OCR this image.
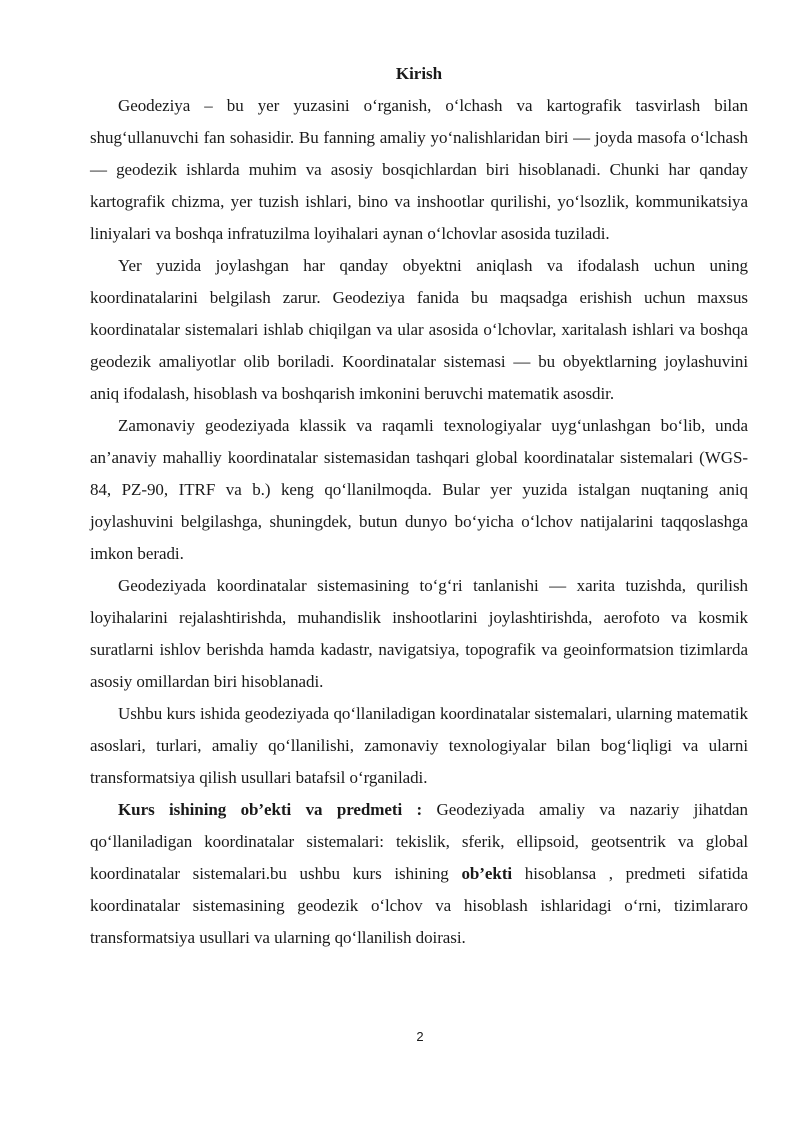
Kirish

Geodeziya – bu yer yuzasini o‘rganish, o‘lchash va kartografik tasvirlash bilan shug‘ullanuvchi fan sohasidir. Bu fanning amaliy yo‘nalishlaridan biri — joyda masofa o‘lchash — geodezik ishlarda muhim va asosiy bosqichlardan biri hisoblanadi. Chunki har qanday kartografik chizma, yer tuzish ishlari, bino va inshootlar qurilishi, yo‘lsozlik, kommunikatsiya liniyalari va boshqa infratuzilma loyihalari aynan o‘lchovlar asosida tuziladi.

Yer yuzida joylashgan har qanday obyektni aniqlash va ifodalash uchun uning koordinatalarini belgilash zarur. Geodeziya fanida bu maqsadga erishish uchun maxsus koordinatalar sistemalari ishlab chiqilgan va ular asosida o‘lchovlar, xaritalash ishlari va boshqa geodezik amaliyotlar olib boriladi. Koordinatalar sistemasi — bu obyektlarning joylashuvini aniq ifodalash, hisoblash va boshqarish imkonini beruvchi matematik asosdir.

Zamonaviy geodeziyada klassik va raqamli texnologiyalar uyg‘unlashgan bo‘lib, unda an’anaviy mahalliy koordinatalar sistemasidan tashqari global koordinatalar sistemalari (WGS-84, PZ-90, ITRF va b.) keng qo‘llanilmoqda. Bular yer yuzida istalgan nuqtaning aniq joylashuvini belgilashga, shuningdek, butun dunyo bo‘yicha o‘lchov natijalarini taqqoslashga imkon beradi.

Geodeziyada koordinatalar sistemasining to‘g‘ri tanlanishi — xarita tuzishda, qurilish loyihalarini rejalashtirishda, muhandislik inshootlarini joylashtirishda, aerofoto va kosmik suratlarni ishlov berishda hamda kadastr, navigatsiya, topografik va geoinformatsion tizimlarda asosiy omillardan biri hisoblanadi.

Ushbu kurs ishida geodeziyada qo‘llaniladigan koordinatalar sistemalari, ularning matematik asoslari, turlari, amaliy qo‘llanilishi, zamonaviy texnologiyalar bilan bog‘liqligi va ularni transformatsiya qilish usullari batafsil o‘rganiladi.

Kurs ishining ob’ekti va predmeti : Geodeziyada amaliy va nazariy jihatdan qo‘llaniladigan koordinatalar sistemalari: tekislik, sferik, ellipsoid, geotsentrik va global koordinatalar sistemalari.bu ushbu kurs ishining ob’ekti hisoblansa , predmeti sifatida koordinatalar sistemasining geodezik o‘lchov va hisoblash ishlaridagi o‘rni, tizimlararo transformatsiya usullari va ularning qo‘llanilish doirasi.

2
